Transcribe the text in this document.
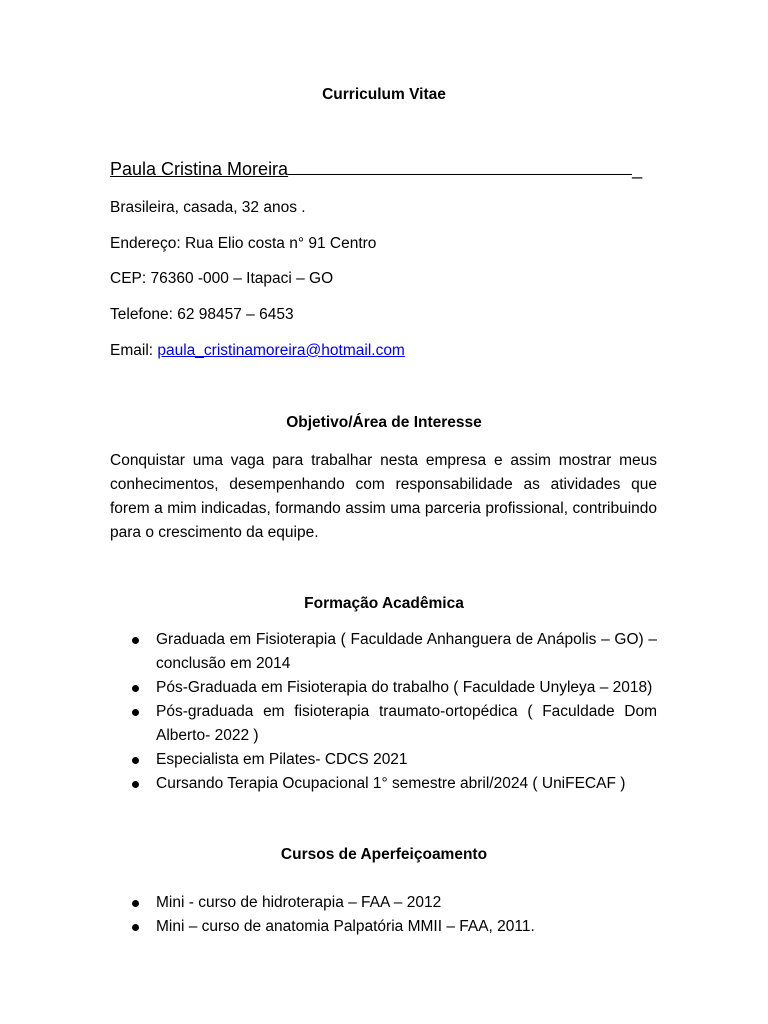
Curriculum Vitae
Paula Cristina Moreira	_
Brasileira, casada, 32 anos .
Endereço: Rua Elio costa n° 91 Centro
CEP: 76360 -000 – Itapaci – GO
Telefone: 62 98457 – 6453
Email: paula_cristinamoreira@hotmail.com
Objetivo/Área de Interesse
Conquistar uma vaga para trabalhar nesta empresa e assim mostrar meus conhecimentos, desempenhando com responsabilidade as atividades que forem a mim indicadas, formando assim uma parceria profissional, contribuindo para o crescimento da equipe.
Formação Acadêmica
Graduada em Fisioterapia ( Faculdade Anhanguera de Anápolis – GO) – conclusão em 2014
Pós-Graduada em Fisioterapia do trabalho ( Faculdade Unyleya – 2018)
Pós-graduada em fisioterapia traumato-ortopédica ( Faculdade Dom Alberto- 2022 )
Especialista em Pilates- CDCS 2021
Cursando Terapia Ocupacional 1° semestre abril/2024 ( UniFECAF )
Cursos de Aperfeiçoamento
Mini - curso de hidroterapia – FAA – 2012
Mini – curso de anatomia Palpatória MMII – FAA, 2011.
